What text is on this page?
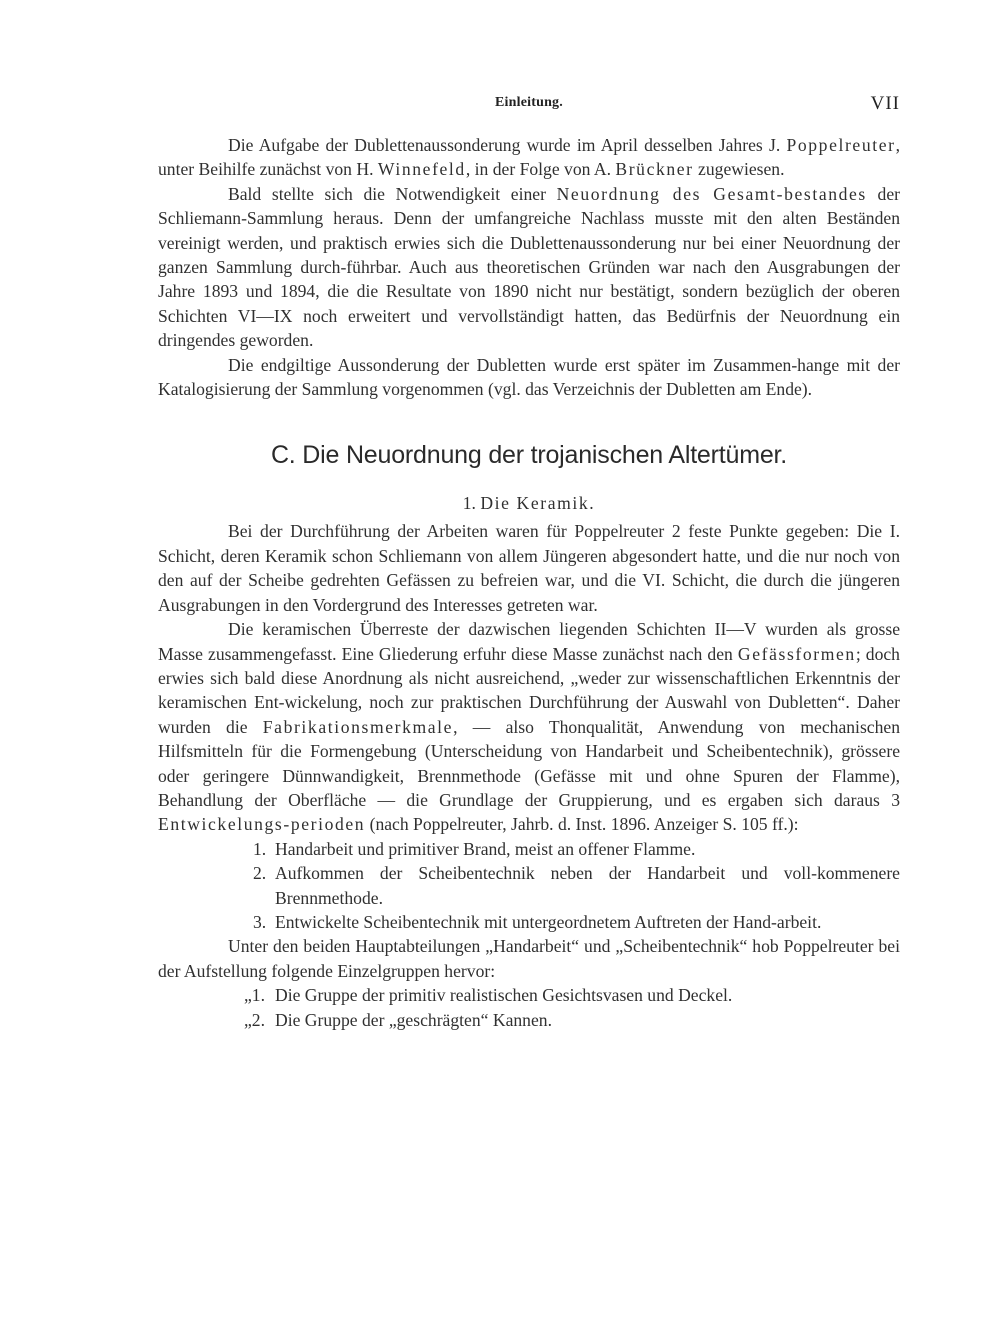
Einleitung.	VII

Die Aufgabe der Dublettenaussonderung wurde im April desselben Jahres J. Poppelreuter, unter Beihilfe zunächst von H. Winnefeld, in der Folge von A. Brückner zugewiesen.

Bald stellte sich die Notwendigkeit einer Neuordnung des Gesamt-bestandes der Schliemann-Sammlung heraus. Denn der umfangreiche Nachlass musste mit den alten Beständen vereinigt werden, und praktisch erwies sich die Dublettenaussonderung nur bei einer Neuordnung der ganzen Sammlung durch-führbar. Auch aus theoretischen Gründen war nach den Ausgrabungen der Jahre 1893 und 1894, die die Resultate von 1890 nicht nur bestätigt, sondern bezüglich der oberen Schichten VI—IX noch erweitert und vervollständigt hatten, das Bedürfnis der Neuordnung ein dringendes geworden.

Die endgiltige Aussonderung der Dubletten wurde erst später im Zusammen-hange mit der Katalogisierung der Sammlung vorgenommen (vgl. das Verzeichnis der Dubletten am Ende).

C. Die Neuordnung der trojanischen Altertümer.
1. Die Keramik.

Bei der Durchführung der Arbeiten waren für Poppelreuter 2 feste Punkte gegeben: Die I. Schicht, deren Keramik schon Schliemann von allem Jüngeren abgesondert hatte, und die nur noch von den auf der Scheibe gedrehten Gefässen zu befreien war, und die VI. Schicht, die durch die jüngeren Ausgrabungen in den Vordergrund des Interesses getreten war.

Die keramischen Überreste der dazwischen liegenden Schichten II—V wurden als grosse Masse zusammengefasst. Eine Gliederung erfuhr diese Masse zunächst nach den Gefässformen; doch erwies sich bald diese Anordnung als nicht ausreichend, „weder zur wissenschaftlichen Erkenntnis der keramischen Ent-wickelung, noch zur praktischen Durchführung der Auswahl von Dubletten“. Daher wurden die Fabrikationsmerkmale, — also Thonqualität, Anwendung von mechanischen Hilfsmitteln für die Formengebung (Unterscheidung von Handarbeit und Scheibentechnik), grössere oder geringere Dünnwandigkeit, Brennmethode (Gefässe mit und ohne Spuren der Flamme), Behandlung der Oberfläche — die Grundlage der Gruppierung, und es ergaben sich daraus 3 Entwickelungs-perioden (nach Poppelreuter, Jahrb. d. Inst. 1896. Anzeiger S. 105 ff.):

1. Handarbeit und primitiver Brand, meist an offener Flamme.
2. Aufkommen der Scheibentechnik neben der Handarbeit und voll-kommenere Brennmethode.
3. Entwickelte Scheibentechnik mit untergeordnetem Auftreten der Hand-arbeit.

Unter den beiden Hauptabteilungen „Handarbeit“ und „Scheibentechnik“ hob Poppelreuter bei der Aufstellung folgende Einzelgruppen hervor:

„1. Die Gruppe der primitiv realistischen Gesichtsvasen und Deckel.
„2. Die Gruppe der „geschrägten“ Kannen.
